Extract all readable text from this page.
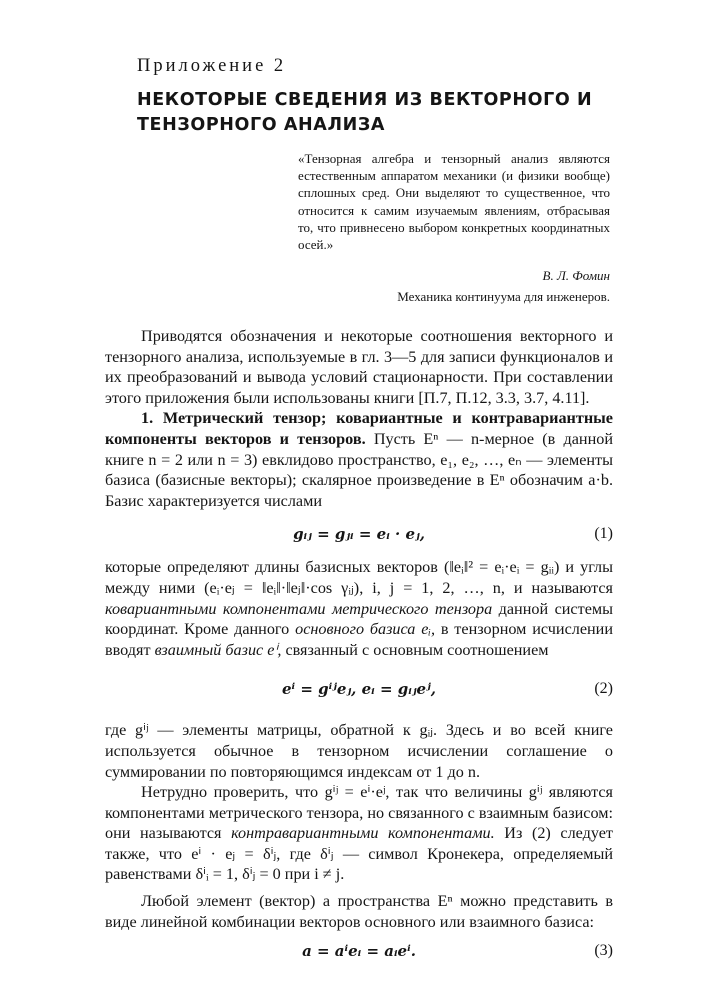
Приложение 2
НЕКОТОРЫЕ СВЕДЕНИЯ ИЗ ВЕКТОРНОГО И ТЕНЗОРНОГО АНАЛИЗА
«Тензорная алгебра и тензорный анализ являются естественным аппаратом механики (и физики вообще) сплошных сред. Они выделяют то существенное, что относится к самим изучаемым явлениям, отбрасывая то, что привнесено выбором конкретных координатных осей.»
В. Л. Фомин
Механика континуума для инженеров.

Приводятся обозначения и некоторые соотношения векторного и тензорного анализа, используемые в гл. 3—5 для записи функционалов и их преобразований и вывода условий стационарности. При составлении этого приложения были использованы книги [П.7, П.12, 3.3, 3.7, 4.11].

1. Метрический тензор; ковариантные и контравариантные компоненты векторов и тензоров. Пусть Eⁿ — n-мерное (в данной книге n = 2 или n = 3) евклидово пространство, e₁, e₂, …, eₙ — элементы базиса (базисные векторы); скалярное произведение в Eⁿ обозначим a·b. Базис характеризуется числами

gᵢⱼ = gⱼᵢ = eᵢ · eⱼ,	(1)

которые определяют длины базисных векторов (‖eᵢ‖² = eᵢ·eᵢ = gᵢᵢ) и углы между ними (eᵢ·eⱼ = ‖eᵢ‖·‖eⱼ‖·cos γᵢⱼ), i, j = 1, 2, …, n, и называются ковариантными компонентами метрического тензора данной системы координат. Кроме данного основного базиса eᵢ, в тензорном исчислении вводят взаимный базис eⁱ, связанный с основным соотношением

eⁱ = gⁱʲeⱼ, eᵢ = gᵢⱼeʲ,	(2)

где gⁱʲ — элементы матрицы, обратной к gᵢⱼ. Здесь и во всей книге используется обычное в тензорном исчислении соглашение о суммировании по повторяющимся индексам от 1 до n.

Нетрудно проверить, что gⁱʲ = eⁱ·eʲ, так что величины gⁱʲ являются компонентами метрического тензора, но связанного с взаимным базисом: они называются контравариантными компонентами. Из (2) следует также, что eⁱ · eⱼ = δⁱⱼ, где δⁱⱼ — символ Кронекера, определяемый равенствами δⁱᵢ = 1, δⁱⱼ = 0 при i ≠ j.

Любой элемент (вектор) a пространства Eⁿ можно представить в виде линейной комбинации векторов основного или взаимного базиса:

a = aⁱeᵢ = aᵢeⁱ.	(3)
